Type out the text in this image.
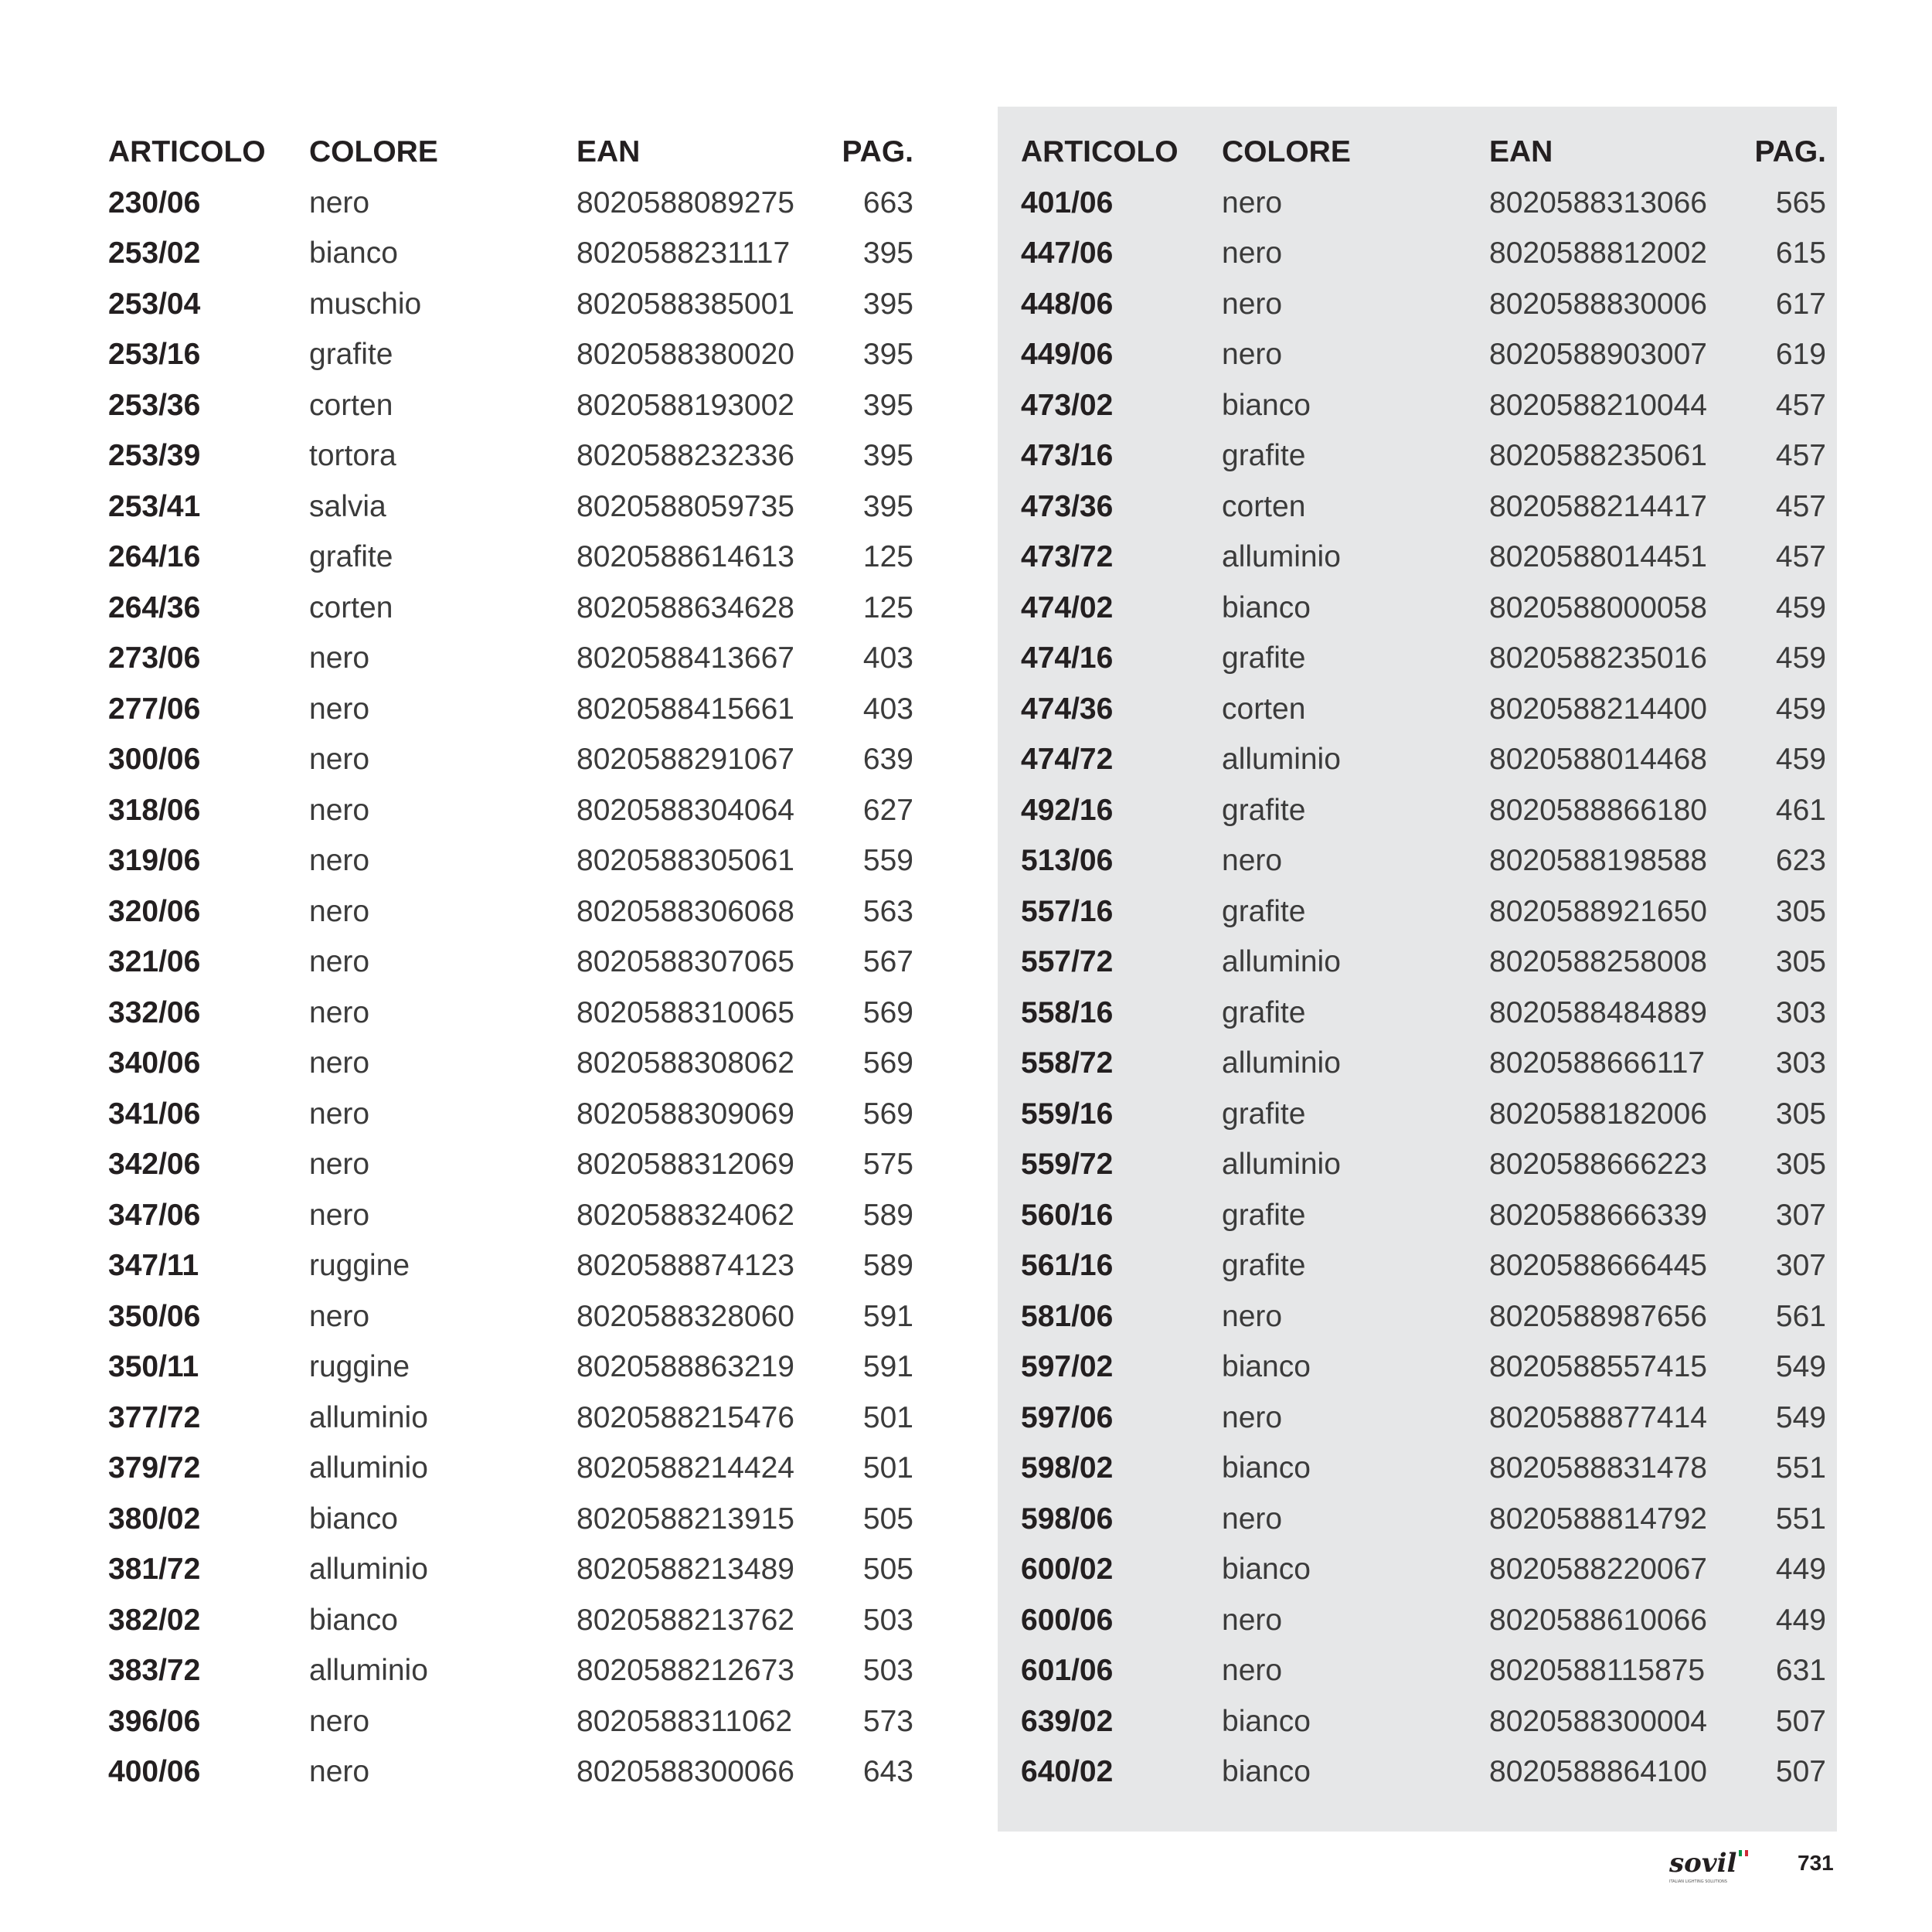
ARTICOLO	COLORE	EAN	PAG.
230/06	nero	8020588089275	663
253/02	bianco	8020588231117	395
253/04	muschio	8020588385001	395
253/16	grafite	8020588380020	395
253/36	corten	8020588193002	395
253/39	tortora	8020588232336	395
253/41	salvia	8020588059735	395
264/16	grafite	8020588614613	125
264/36	corten	8020588634628	125
273/06	nero	8020588413667	403
277/06	nero	8020588415661	403
300/06	nero	8020588291067	639
318/06	nero	8020588304064	627
319/06	nero	8020588305061	559
320/06	nero	8020588306068	563
321/06	nero	8020588307065	567
332/06	nero	8020588310065	569
340/06	nero	8020588308062	569
341/06	nero	8020588309069	569
342/06	nero	8020588312069	575
347/06	nero	8020588324062	589
347/11	ruggine	8020588874123	589
350/06	nero	8020588328060	591
350/11	ruggine	8020588863219	591
377/72	alluminio	8020588215476	501
379/72	alluminio	8020588214424	501
380/02	bianco	8020588213915	505
381/72	alluminio	8020588213489	505
382/02	bianco	8020588213762	503
383/72	alluminio	8020588212673	503
396/06	nero	8020588311062	573
400/06	nero	8020588300066	643
ARTICOLO	COLORE	EAN	PAG.
401/06	nero	8020588313066	565
447/06	nero	8020588812002	615
448/06	nero	8020588830006	617
449/06	nero	8020588903007	619
473/02	bianco	8020588210044	457
473/16	grafite	8020588235061	457
473/36	corten	8020588214417	457
473/72	alluminio	8020588014451	457
474/02	bianco	8020588000058	459
474/16	grafite	8020588235016	459
474/36	corten	8020588214400	459
474/72	alluminio	8020588014468	459
492/16	grafite	8020588866180	461
513/06	nero	8020588198588	623
557/16	grafite	8020588921650	305
557/72	alluminio	8020588258008	305
558/16	grafite	8020588484889	303
558/72	alluminio	8020588666117	303
559/16	grafite	8020588182006	305
559/72	alluminio	8020588666223	305
560/16	grafite	8020588666339	307
561/16	grafite	8020588666445	307
581/06	nero	8020588987656	561
597/02	bianco	8020588557415	549
597/06	nero	8020588877414	549
598/02	bianco	8020588831478	551
598/06	nero	8020588814792	551
600/02	bianco	8020588220067	449
600/06	nero	8020588610066	449
601/06	nero	8020588115875	631
639/02	bianco	8020588300004	507
640/02	bianco	8020588864100	507
sovil
ITALIAN LIGHTING SOLUTIONS
731
